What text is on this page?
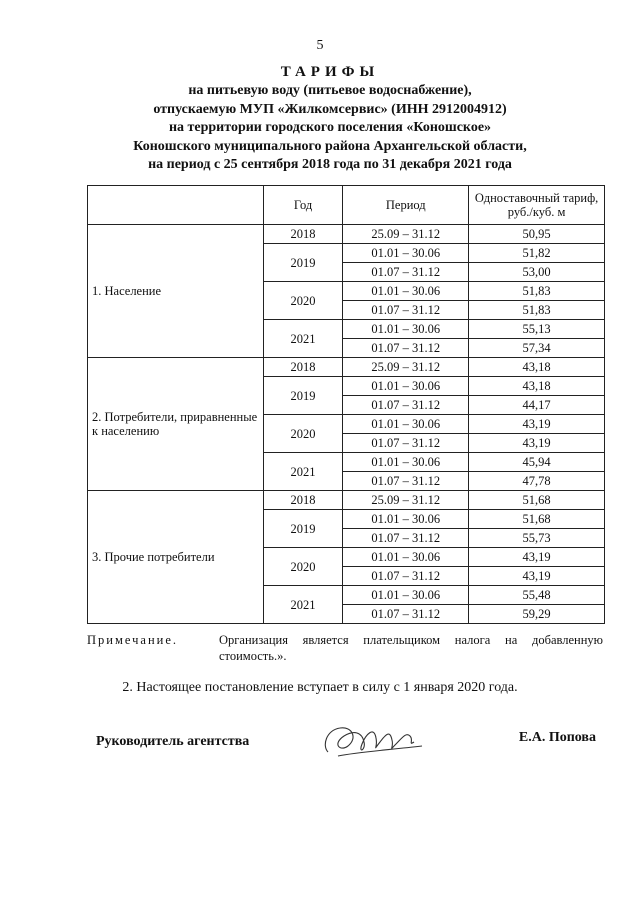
5
ТАРИФЫ
на питьевую воду (питьевое водоснабжение),
отпускаемую МУП «Жилкомсервис» (ИНН 2912004912)
на территории городского поселения «Коношское»
Коношского муниципального района Архангельской области,
на период с 25 сентября 2018 года по 31 декабря 2021 года
	Год	Период	Одноставочный тариф, руб./куб. м
1. Население	2018	25.09 – 31.12	50,95
	2019	01.01 – 30.06	51,82
		01.07 – 31.12	53,00
	2020	01.01 – 30.06	51,83
		01.07 – 31.12	51,83
	2021	01.01 – 30.06	55,13
		01.07 – 31.12	57,34
2. Потребители, приравненные к населению	2018	25.09 – 31.12	43,18
	2019	01.01 – 30.06	43,18
		01.07 – 31.12	44,17
	2020	01.01 – 30.06	43,19
		01.07 – 31.12	43,19
	2021	01.01 – 30.06	45,94
		01.07 – 31.12	47,78
3. Прочие потребители	2018	25.09 – 31.12	51,68
	2019	01.01 – 30.06	51,68
		01.07 – 31.12	55,73
	2020	01.01 – 30.06	43,19
		01.07 – 31.12	43,19
	2021	01.01 – 30.06	55,48
		01.07 – 31.12	59,29
Примечание.	Организация является плательщиком налога на добавленную стоимость.».
2. Настоящее постановление вступает в силу с 1 января 2020 года.
Руководитель агентства	Е.А. Попова
